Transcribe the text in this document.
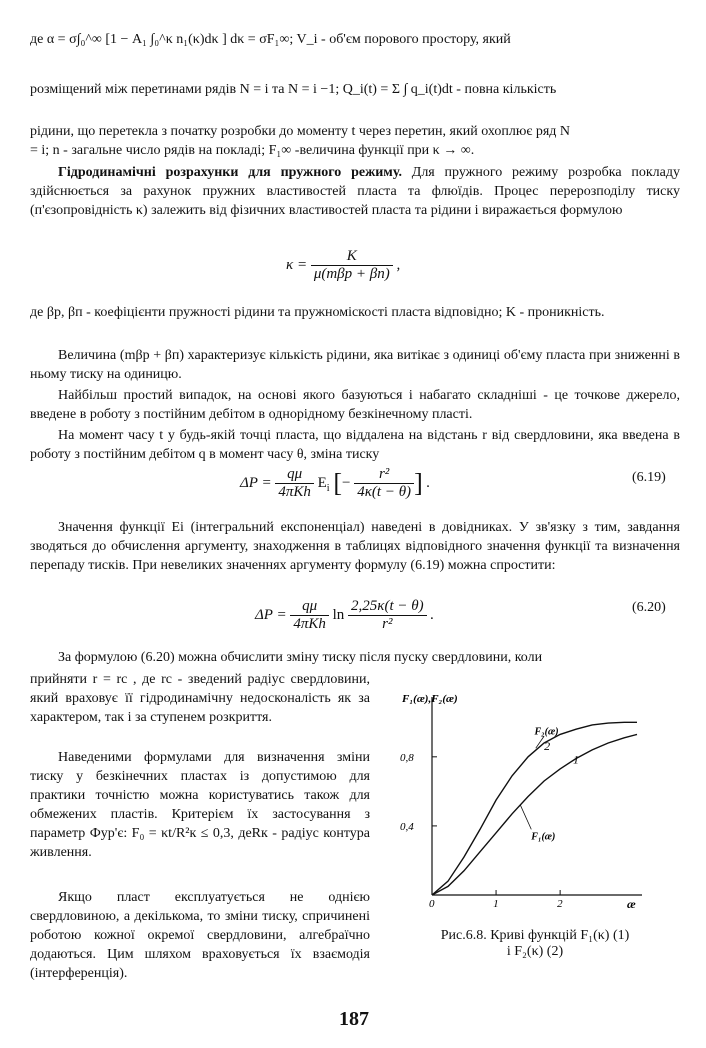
де α = σ∫₀^∞ [1 − A₁ ∫₀^κ n₁(κ)dκ ] dκ = σF₁∞; V_i - об'єм порового простору, який
розміщений між перетинами рядів N = i та N = i −1; Q_i(t) = Σ ∫ q_i(t)dt - повна кількість
рідини, що перетекла з початку розробки до моменту t через перетин, який охоплює ряд N
= i; n - загальне число рядів на покладі; F₁∞ -величина функції при κ → ∞.
Гідродинамічні розрахунки для пружного режиму. Для пружного режиму розробка покладу здійснюється за рахунок пружних властивостей пласта та флюїдів. Процес перерозподілу тиску (п'єзопровідність κ) залежить від фізичних властивостей пласта та рідини і виражається формулою
$\kappa = \frac{K}{\text{μ(mβр + βп)}}$ ,
де βр, βп - коефіцієнти пружності рідини та пружноміскості пласта відповідно; K - проникність.
Величина (mβр + βп) характеризує кількість рідини, яка витікає з одиниці об'єму пласта при зниженні в ньому тиску на одиницю.
Найбільш простий випадок, на основі якого базуються і набагато складніші - це точкове джерело, введене в роботу з постійним дебітом в однорідному безкінечному пласті.
На момент часу t у будь-якій точці пласта, що віддалена на відстань r від свердловини, яка введена в роботу з постійним дебітом q в момент часу θ, зміна тиску
$\Delta P = \frac{q\mu}{\text{4πKh}} E_i$ [− $\frac{\text{r²}}{4\kappa(t - \theta)}$ ] .	(6.19)
Значення функції Ei (інтегральний експоненціал) наведені в довідниках. У зв'язку з тим, завдання зводяться до обчислення аргументу, знаходження в таблицях відповідного значення функції та визначення перепаду тисків. При невеликих значеннях аргументу формулу (6.19) можна спростити:
$\Delta P = \frac{q\mu}{\text{4πKh}}$ $\ln \frac{2,25\kappa(t - \theta)}{\text{r²}}$ .	(6.20)
За формулою (6.20) можна обчислити зміну тиску після пуску свердловини, коли
прийняти r = rс , де rс - зведений радіус свердловини, який враховує її гідродинамічну недосконалість як за характером, так і за ступенем розкриття.
Наведеними формулами для визначення зміни тиску у безкінечних пластах із допустимою для практики точністю можна користуватись також для обмежених пластів. Критерієм їх застосування з параметр Фур'є: F₀ = κt/R²к ≤ 0,3, деRк - радіус контура живлення.
Якщо пласт експлуатується не однією свердловиною, а декількома, то зміни тиску, спричинені роботою кожної окремої свердловини, алгебраїчно додаються. Цим шляхом враховується їх взаємодія (інтерференція).
0	1	2
0,4
0,8
F₁(æ),F₂(æ)
æ
F₂(æ)
2
F₁(æ)
1
Рис.6.8. Криві функцій F₁(κ) (1)
і F₂(κ) (2)
187
